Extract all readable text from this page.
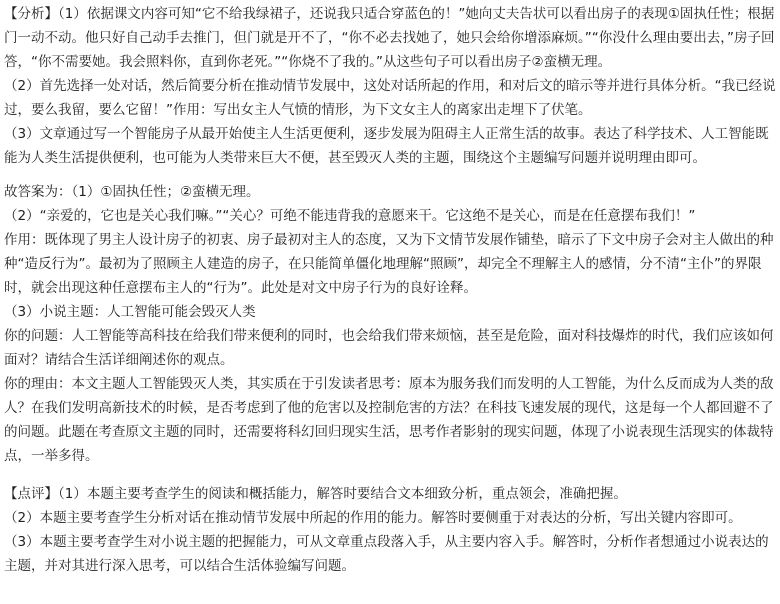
【分析】（1）依据课文内容可知“它不给我绿裙子，还说我只适合穿蓝色的！”她向丈夫告状可以看出房子的表现①固执任性；根据门一动不动。他只好自己动手去推门，但门就是开不了，“你不必去找她了，她只会给你增添麻烦。”“你没什么理由要出去，”房子回答，“你不需要她。我会照料你，直到你老死。”“你烧不了我的。”从这些句子可以看出房子②蛮横无理。

（2）首先选择一处对话，然后简要分析在推动情节发展中，这处对话所起的作用，和对后文的暗示等并进行具体分析。“我已经说过，要么我留，要么它留！”作用：写出女主人气愤的情形，为下文女主人的离家出走埋下了伏笔。

（3）文章通过写一个智能房子从最开始使主人生活更便利，逐步发展为阻碍主人正常生活的故事。表达了科学技术、人工智能既能为人类生活提供便利，也可能为人类带来巨大不便，甚至毁灭人类的主题，围绕这个主题编写问题并说明理由即可。

故答案为：（1）①固执任性；②蛮横无理。

（2）“亲爱的，它也是关心我们嘛。”“关心？可绝不能违背我的意愿来干。它这绝不是关心，而是在任意摆布我们！”

作用：既体现了男主人设计房子的初衷、房子最初对主人的态度，又为下文情节发展作铺垫，暗示了下文中房子会对主人做出的种种“造反行为”。最初为了照顾主人建造的房子，在只能简单僵化地理解“照顾”，却完全不理解主人的感情，分不清“主仆”的界限时，就会出现这种任意摆布主人的“行为”。此处是对文中房子行为的良好诠释。

（3）小说主题：人工智能可能会毁灭人类

你的问题：人工智能等高科技在给我们带来便利的同时，也会给我们带来烦恼，甚至是危险，面对科技爆炸的时代，我们应该如何面对？请结合生活详细阐述你的观点。

你的理由：本文主题人工智能毁灭人类，其实质在于引发读者思考：原本为服务我们而发明的人工智能，为什么反而成为人类的敌人？在我们发明高新技术的时候，是否考虑到了他的危害以及控制危害的方法？在科技飞速发展的现代，这是每一个人都回避不了的问题。此题在考查原文主题的同时，还需要将科幻回归现实生活，思考作者影射的现实问题，体现了小说表现生活现实的体裁特点，一举多得。

【点评】（1）本题主要考查学生的阅读和概括能力，解答时要结合文本细致分析，重点领会，准确把握。

（2）本题主要考查学生分析对话在推动情节发展中所起的作用的能力。解答时要侧重于对表达的分析，写出关键内容即可。

（3）本题主要考查学生对小说主题的把握能力，可从文章重点段落入手，从主要内容入手。解答时，分析作者想通过小说表达的主题，并对其进行深入思考，可以结合生活体验编写问题。
